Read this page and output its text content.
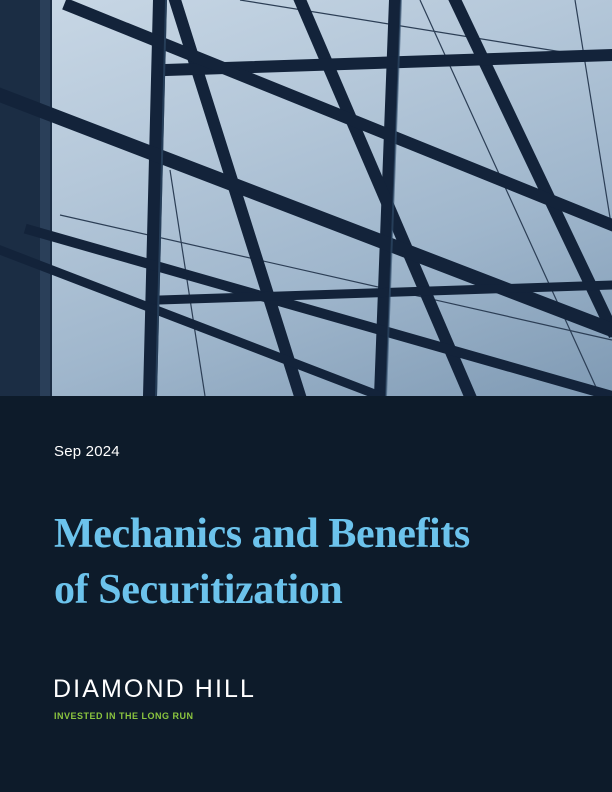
Sep 2024
Mechanics and Benefits
of Securitization
DIAMOND HILL
INVESTED IN THE LONG RUN
